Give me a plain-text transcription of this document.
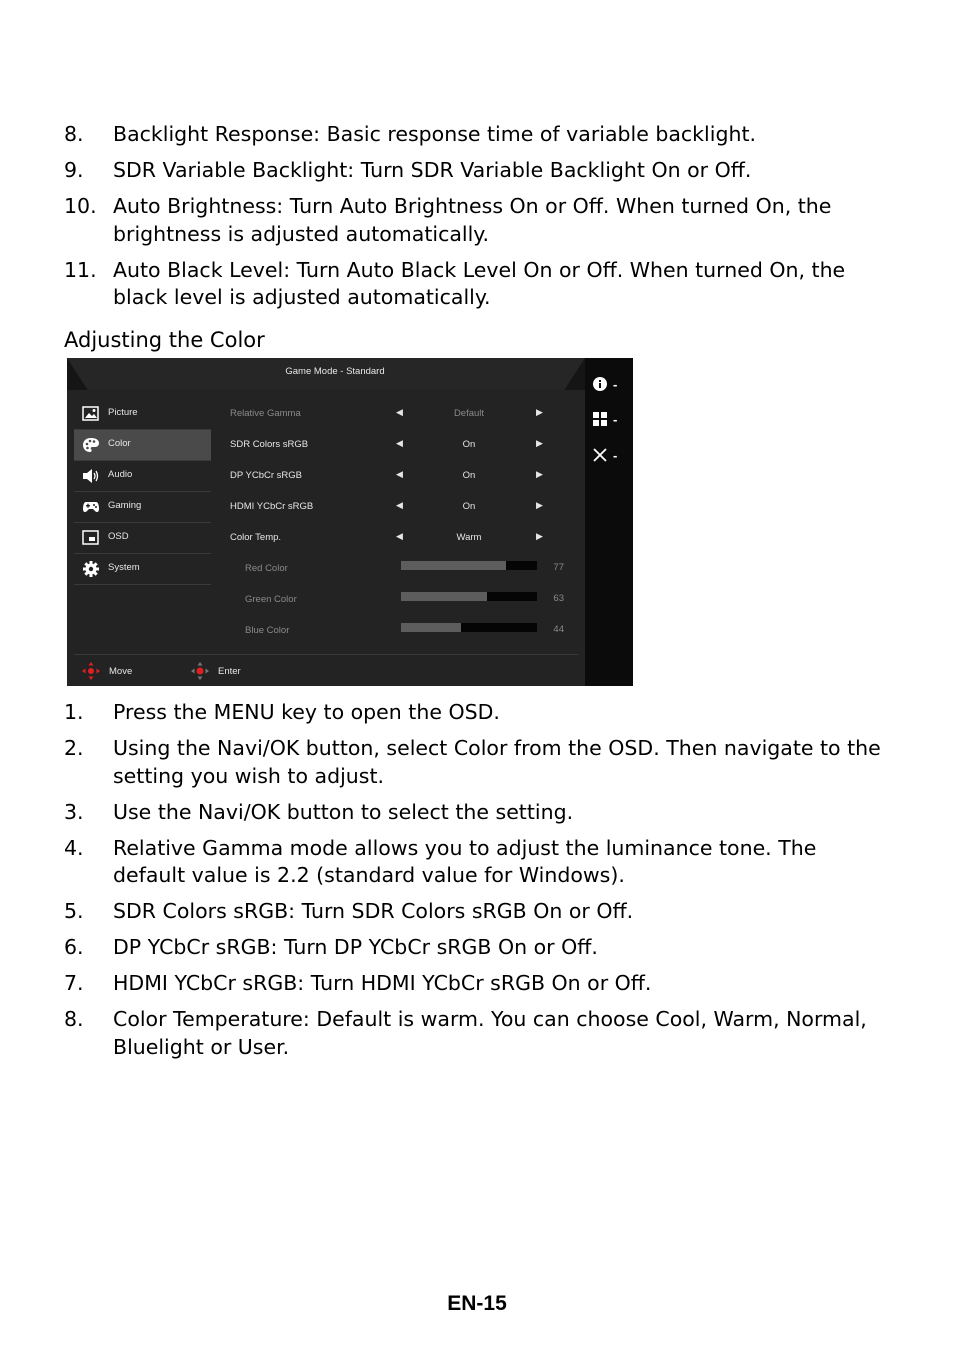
8. Backlight Response: Basic response time of variable backlight.
9. SDR Variable Backlight: Turn SDR Variable Backlight On or Off.
10. Auto Brightness: Turn Auto Brightness On or Off. When turned On, the brightness is adjusted automatically.
11. Auto Black Level: Turn Auto Black Level On or Off. When turned On, the black level is adjusted automatically.
Adjusting the Color
Game Mode - Standard
-
-
-
Picture
Color
Audio
Gaming
OSD
System
Relative Gamma	◀	Default	▶
SDR Colors sRGB	◀	On	▶
DP YCbCr sRGB	◀	On	▶
HDMI YCbCr sRGB	◀	On	▶
Color Temp.	◀	Warm	▶
Red Color	77
Green Color	63
Blue Color	44
Move	Enter
1. Press the MENU key to open the OSD.
2. Using the Navi/OK button, select Color from the OSD. Then navigate to the setting you wish to adjust.
3. Use the Navi/OK button to select the setting.
4. Relative Gamma mode allows you to adjust the luminance tone. The default value is 2.2 (standard value for Windows).
5. SDR Colors sRGB: Turn SDR Colors sRGB On or Off.
6. DP YCbCr sRGB: Turn DP YCbCr sRGB On or Off.
7. HDMI YCbCr sRGB: Turn HDMI YCbCr sRGB On or Off.
8. Color Temperature: Default is warm. You can choose Cool, Warm, Normal, Bluelight or User.
EN-15
